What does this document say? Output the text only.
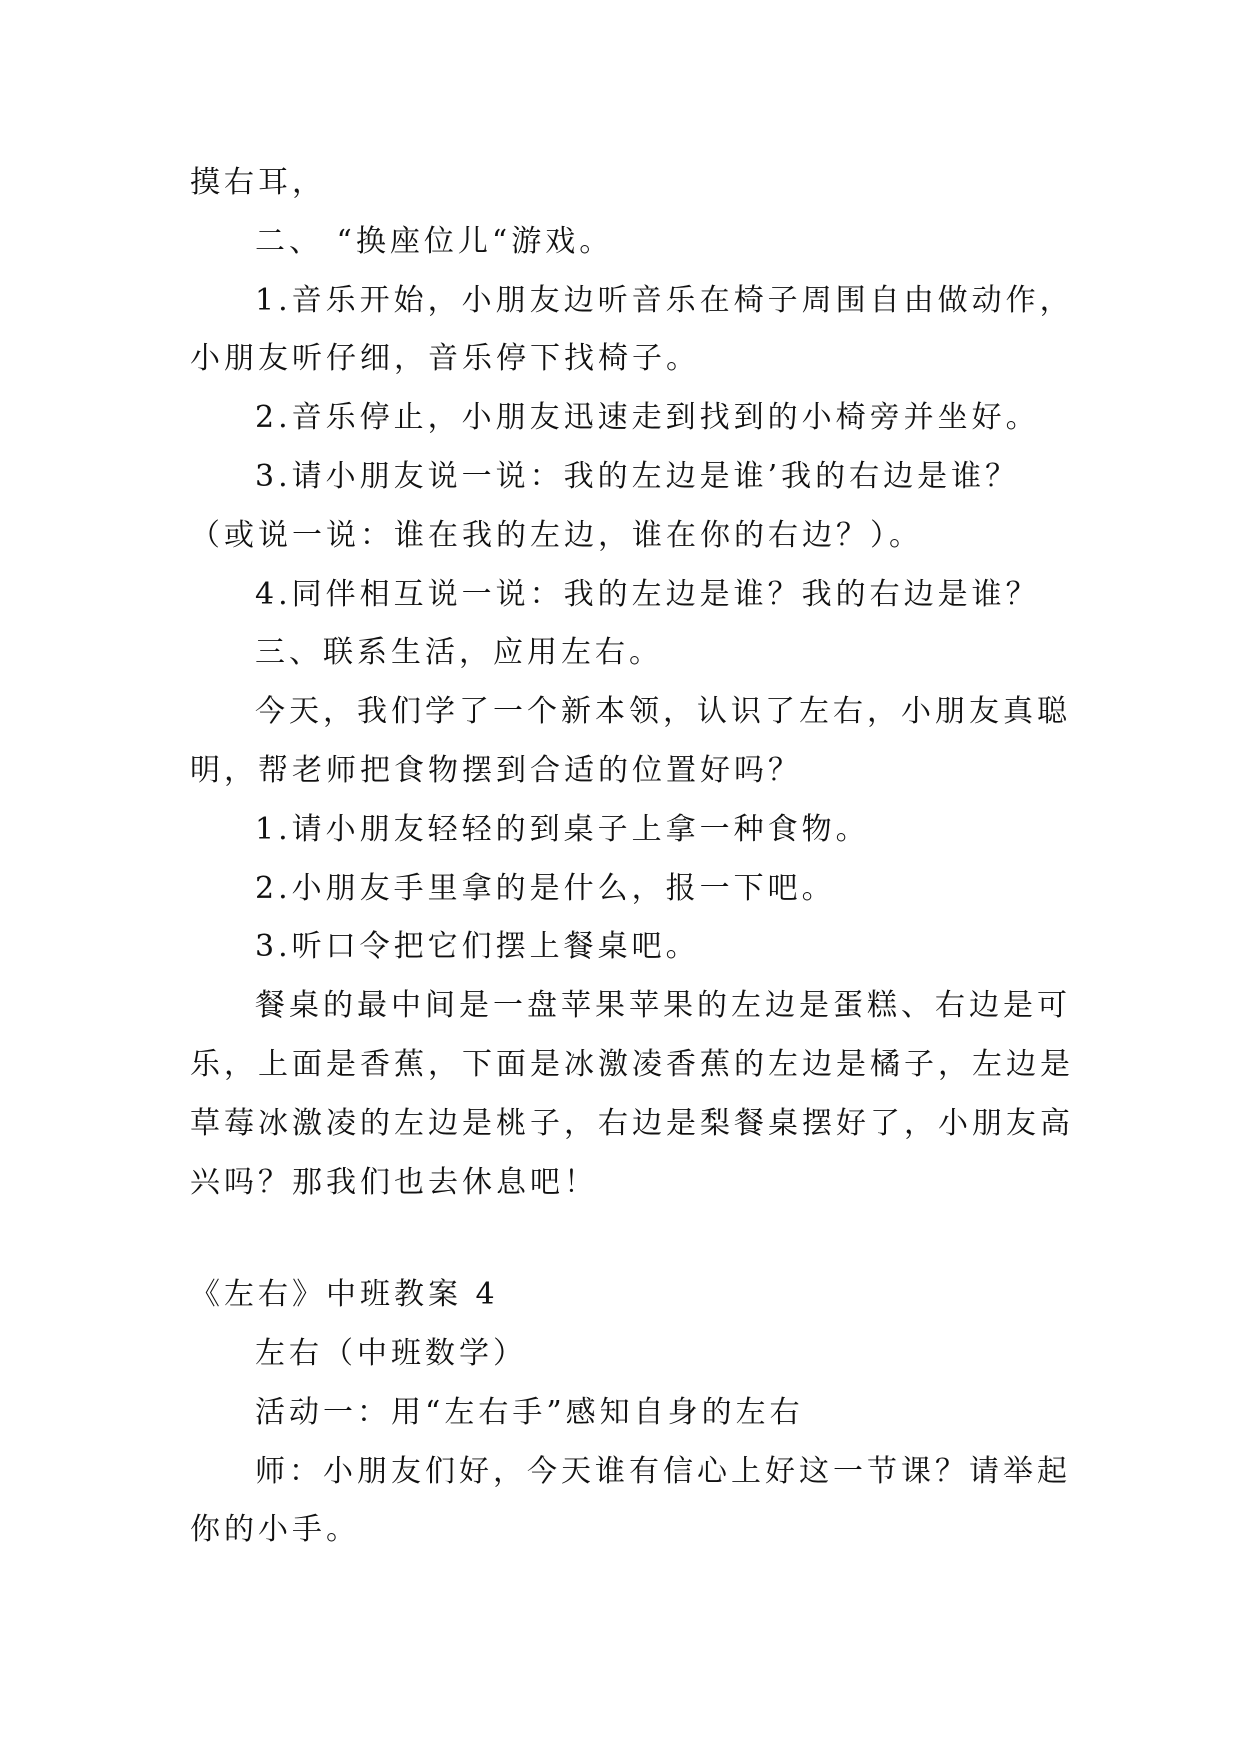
摸右耳，
二、 “换座位儿“游戏。
1.音乐开始，小朋友边听音乐在椅子周围自由做动作，
小朋友听仔细，音乐停下找椅子。
2.音乐停止，小朋友迅速走到找到的小椅旁并坐好。
3.请小朋友说一说：我的左边是谁’我的右边是谁？
（或说一说：谁在我的左边，谁在你的右边？）。
4.同伴相互说一说：我的左边是谁？我的右边是谁？
三、联系生活，应用左右。
今天，我们学了一个新本领，认识了左右，小朋友真聪
明，帮老师把食物摆到合适的位置好吗？
1.请小朋友轻轻的到桌子上拿一种食物。
2.小朋友手里拿的是什么，报一下吧。
3.听口令把它们摆上餐桌吧。
餐桌的最中间是一盘苹果苹果的左边是蛋糕、右边是可
乐，上面是香蕉，下面是冰激凌香蕉的左边是橘子，左边是
草莓冰激凌的左边是桃子，右边是梨餐桌摆好了，小朋友高
兴吗？那我们也去休息吧！
《左右》中班教案 4
左右（中班数学）
活动一：用“左右手”感知自身的左右
师：小朋友们好，今天谁有信心上好这一节课？请举起
你的小手。
